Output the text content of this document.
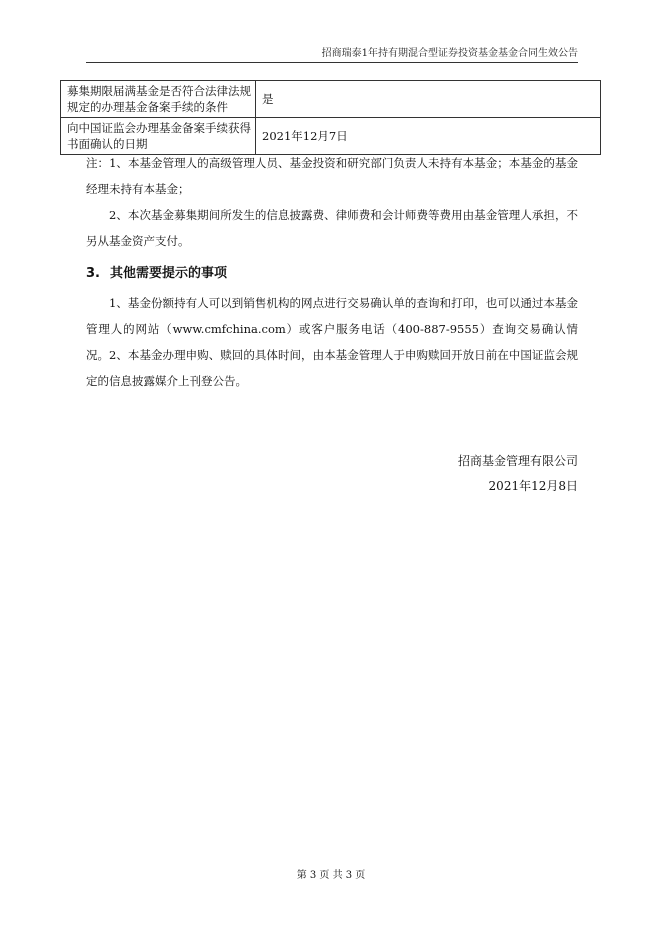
招商瑞泰1年持有期混合型证券投资基金基金合同生效公告
募集期限届满基金是否符合法律法规规定的办理基金备案手续的条件	是
向中国证监会办理基金备案手续获得书面确认的日期	2021年12月7日

注：1、本基金管理人的高级管理人员、基金投资和研究部门负责人未持有本基金；本基金的基金经理未持有本基金；

2、本次基金募集期间所发生的信息披露费、律师费和会计师费等费用由基金管理人承担，不另从基金资产支付。

3. 其他需要提示的事项

1、基金份额持有人可以到销售机构的网点进行交易确认单的查询和打印，也可以通过本基金管理人的网站（www.cmfchina.com）或客户服务电话（400-887-9555）查询交易确认情况。 2、本基金办理申购、赎回的具体时间，由本基金管理人于申购赎回开放日前在中国证监会规定的信息披露媒介上刊登公告。

招商基金管理有限公司

2021年12月8日

第 3 页 共 3 页
